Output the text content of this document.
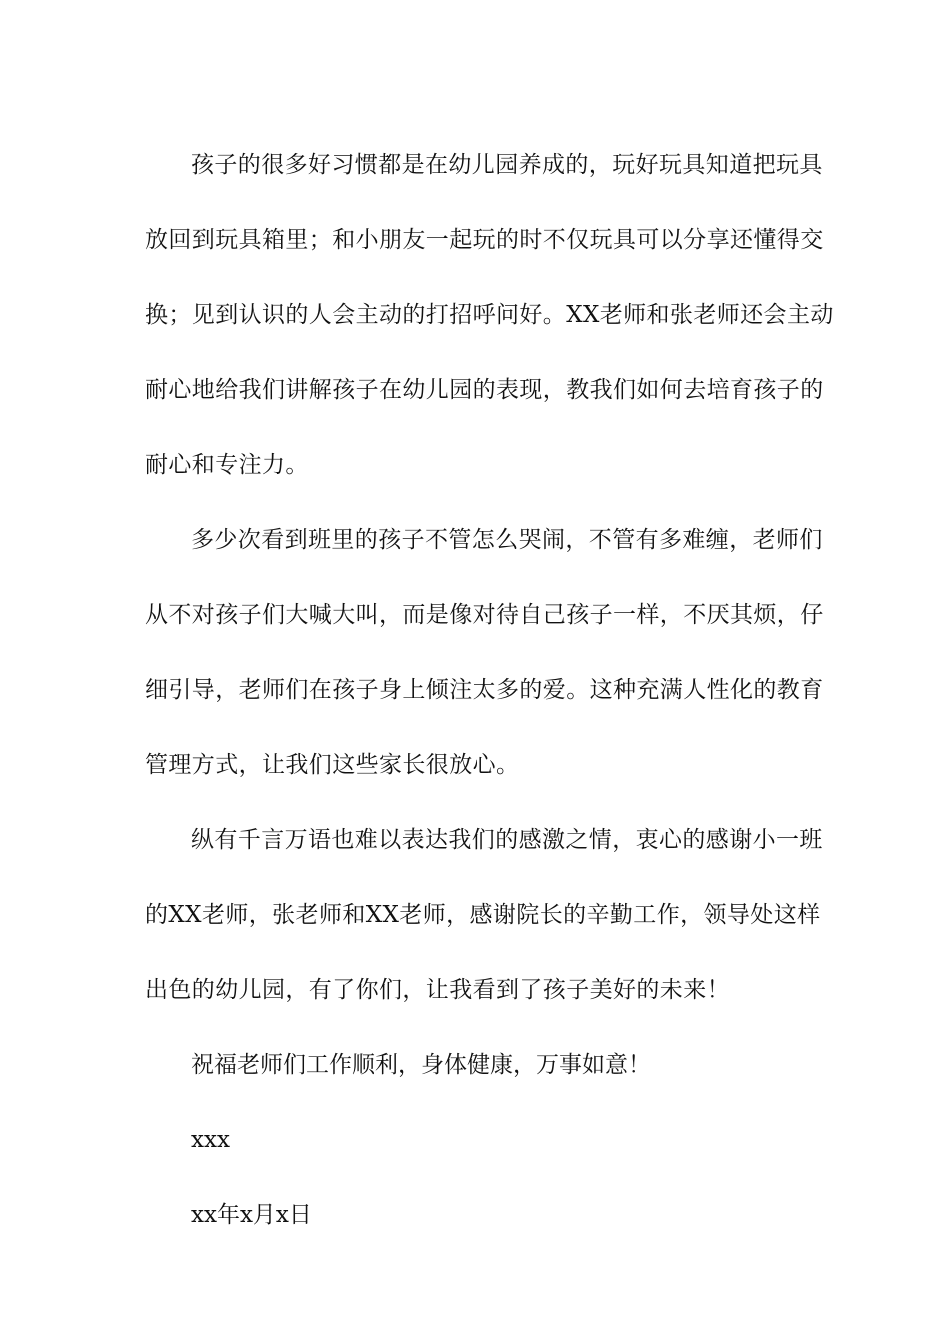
孩子的很多好习惯都是在幼儿园养成的，玩好玩具知道把玩具
放回到玩具箱里；和小朋友一起玩的时不仅玩具可以分享还懂得交
换；见到认识的人会主动的打招呼问好。XX老师和张老师还会主动
耐心地给我们讲解孩子在幼儿园的表现，教我们如何去培育孩子的
耐心和专注力。
多少次看到班里的孩子不管怎么哭闹，不管有多难缠，老师们
从不对孩子们大喊大叫，而是像对待自己孩子一样，不厌其烦，仔
细引导，老师们在孩子身上倾注太多的爱。这种充满人性化的教育
管理方式，让我们这些家长很放心。
纵有千言万语也难以表达我们的感激之情，衷心的感谢小一班
的XX老师，张老师和XX老师，感谢院长的辛勤工作，领导处这样
出色的幼儿园，有了你们，让我看到了孩子美好的未来！

祝福老师们工作顺利，身体健康，万事如意！

xxx

xx年x月x日
